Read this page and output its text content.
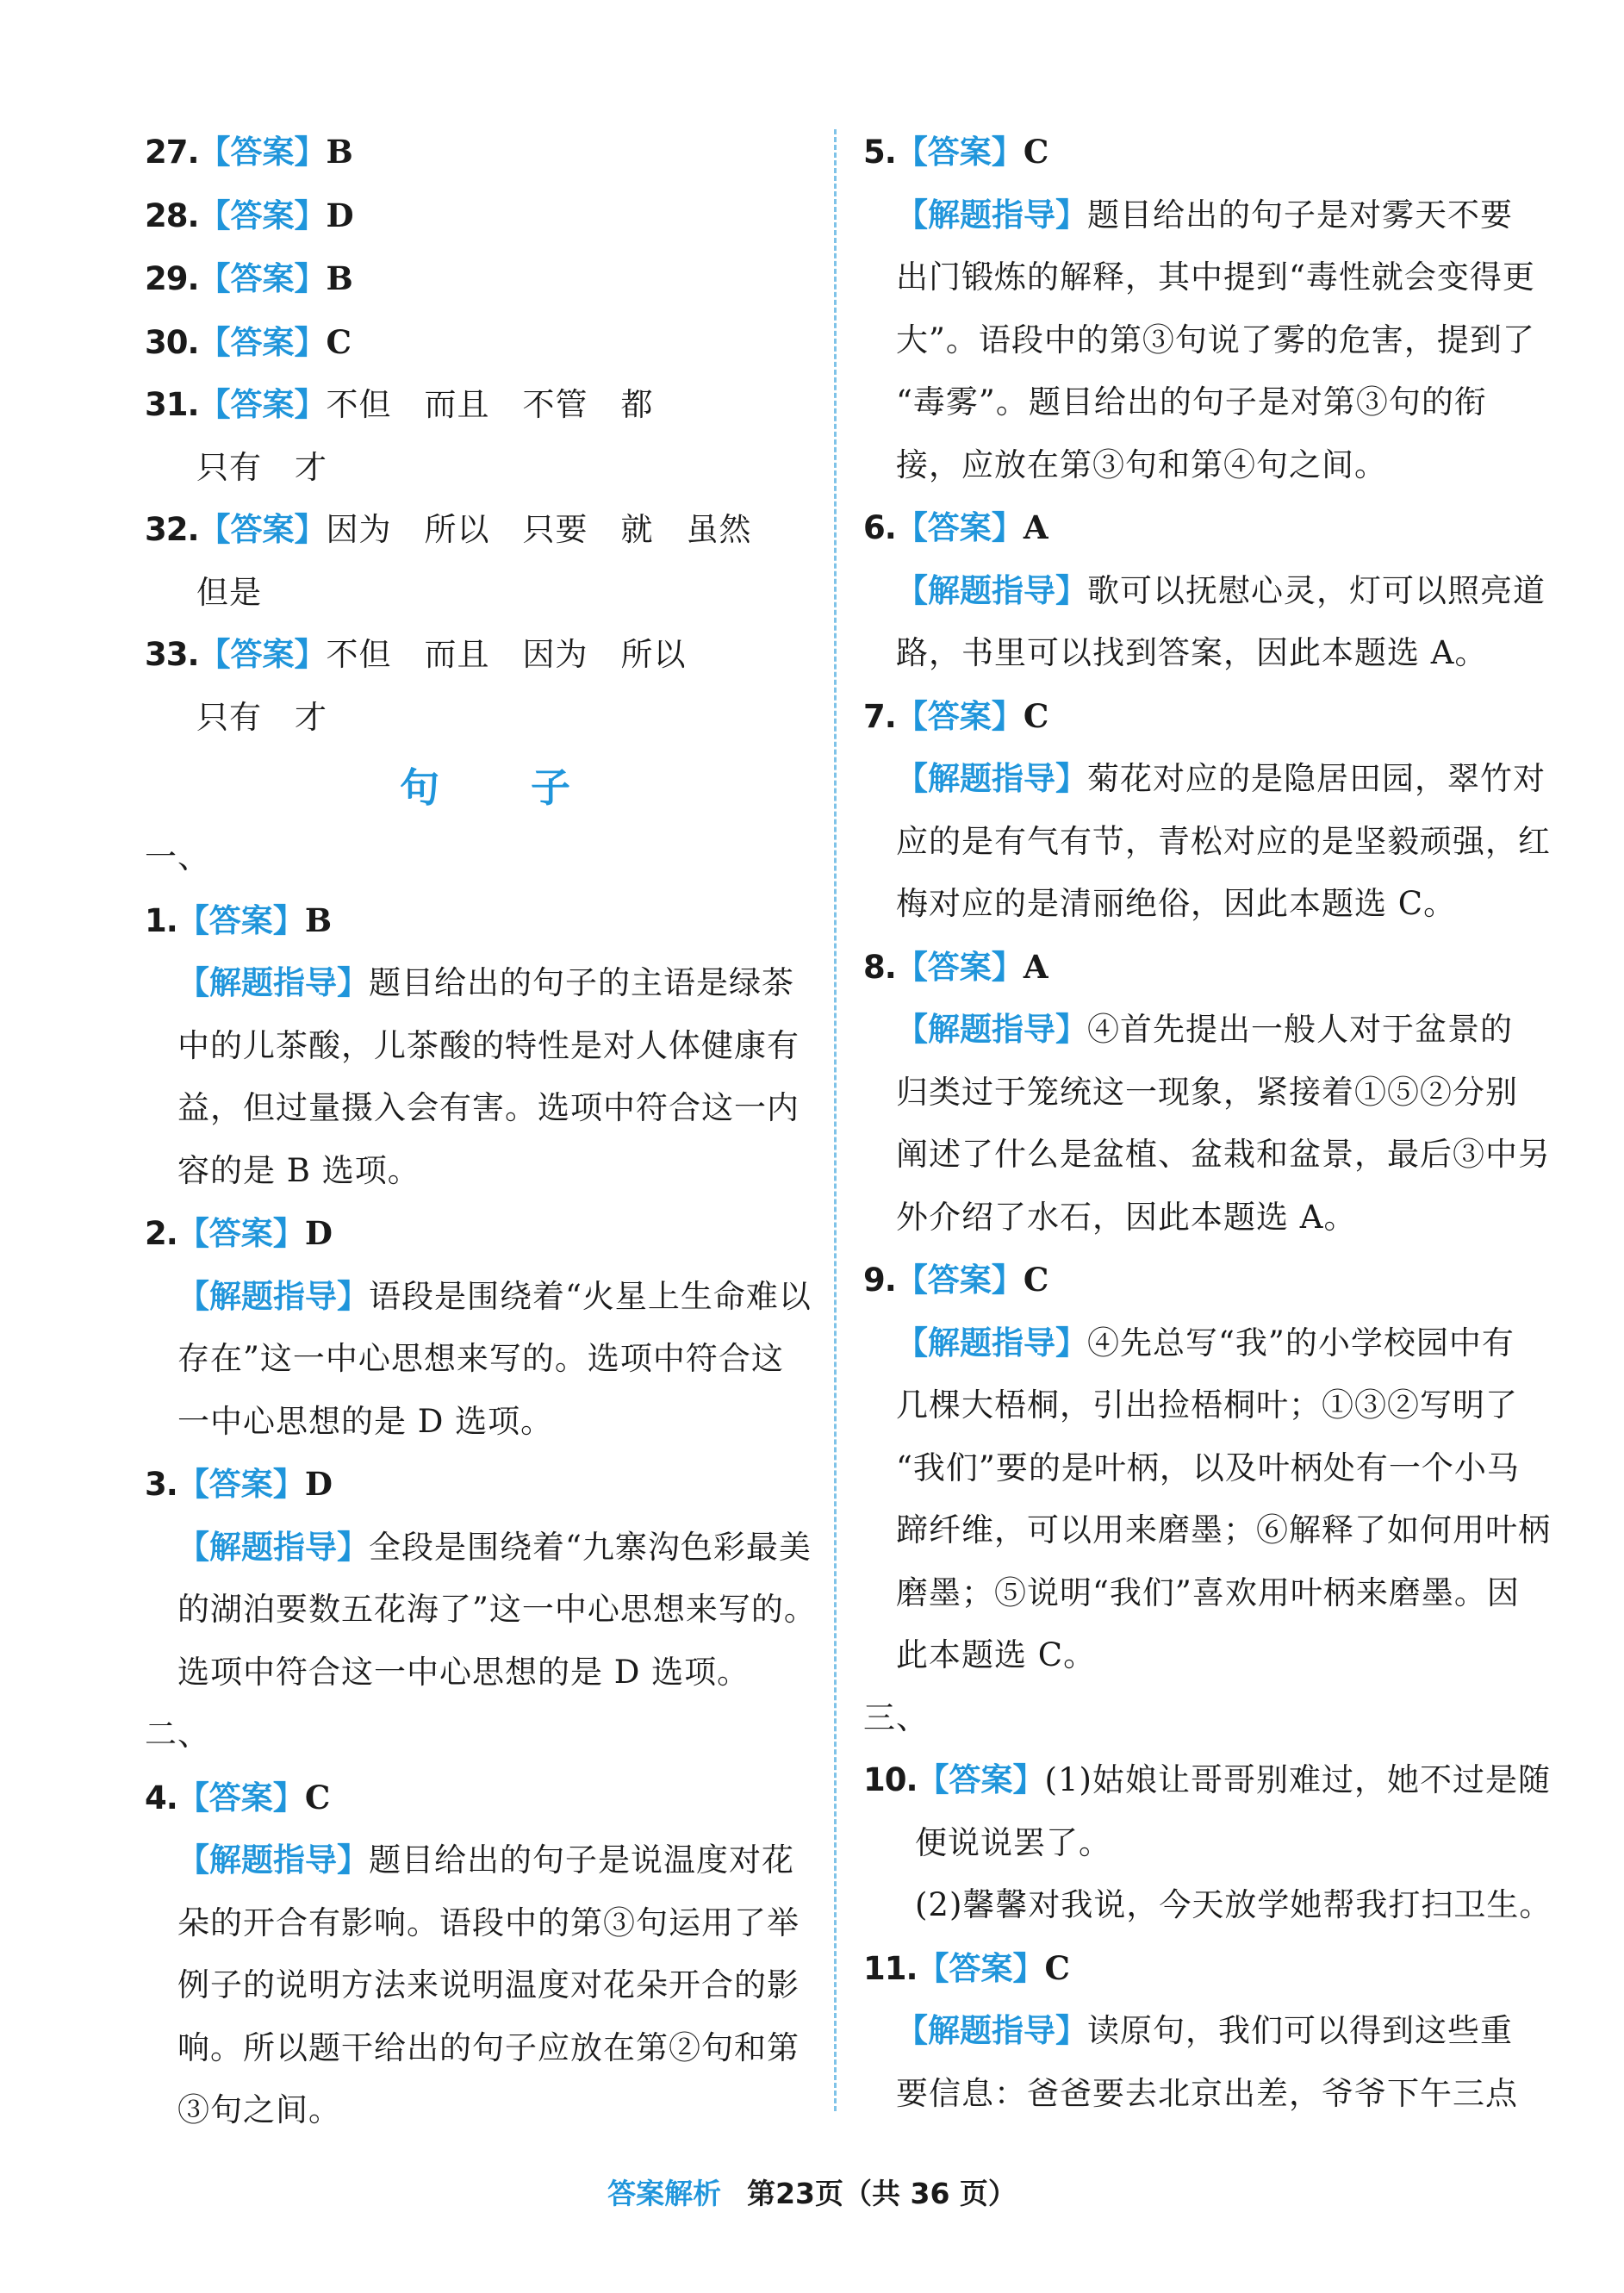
27.【答案】B
28.【答案】D
29.【答案】B
30.【答案】C
31.【答案】不但　而且　不管　都
只有　才
32.【答案】因为　所以　只要　就　虽然
但是
33.【答案】不但　而且　因为　所以
只有　才
句　子
一、
1.【答案】B
【解题指导】题目给出的句子的主语是绿茶
中的儿茶酸，儿茶酸的特性是对人体健康有
益，但过量摄入会有害。选项中符合这一内
容的是 B 选项。
2.【答案】D
【解题指导】语段是围绕着“火星上生命难以
存在”这一中心思想来写的。选项中符合这
一中心思想的是 D 选项。
3.【答案】D
【解题指导】全段是围绕着“九寨沟色彩最美
的湖泊要数五花海了”这一中心思想来写的。
选项中符合这一中心思想的是 D 选项。
二、
4.【答案】C
【解题指导】题目给出的句子是说温度对花
朵的开合有影响。语段中的第③句运用了举
例子的说明方法来说明温度对花朵开合的影
响。所以题干给出的句子应放在第②句和第
③句之间。
5.【答案】C
【解题指导】题目给出的句子是对雾天不要
出门锻炼的解释，其中提到“毒性就会变得更
大”。语段中的第③句说了雾的危害，提到了
“毒雾”。题目给出的句子是对第③句的衔
接，应放在第③句和第④句之间。
6.【答案】A
【解题指导】歌可以抚慰心灵，灯可以照亮道
路，书里可以找到答案，因此本题选 A。
7.【答案】C
【解题指导】菊花对应的是隐居田园，翠竹对
应的是有气有节，青松对应的是坚毅顽强，红
梅对应的是清丽绝俗，因此本题选 C。
8.【答案】A
【解题指导】④首先提出一般人对于盆景的
归类过于笼统这一现象，紧接着①⑤②分别
阐述了什么是盆植、盆栽和盆景，最后③中另
外介绍了水石，因此本题选 A。
9.【答案】C
【解题指导】④先总写“我”的小学校园中有
几棵大梧桐，引出捡梧桐叶；①③②写明了
“我们”要的是叶柄，以及叶柄处有一个小马
蹄纤维，可以用来磨墨；⑥解释了如何用叶柄
磨墨；⑤说明“我们”喜欢用叶柄来磨墨。因
此本题选 C。
三、
10.【答案】(1)姑娘让哥哥别难过，她不过是随
便说说罢了。
(2)馨馨对我说，今天放学她帮我打扫卫生。
11.【答案】C
【解题指导】读原句，我们可以得到这些重
要信息：爸爸要去北京出差，爷爷下午三点
答案解析 第23页（共 36 页）
